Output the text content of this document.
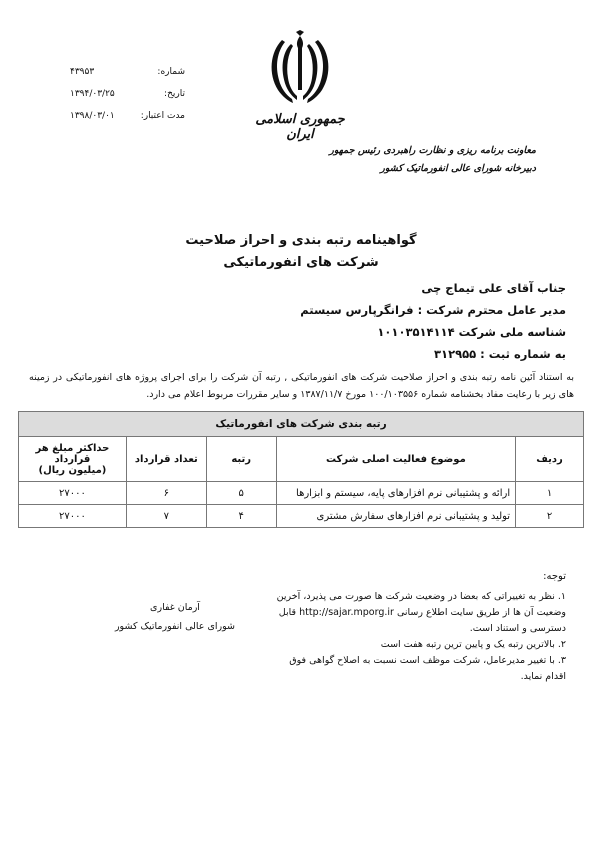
شماره:
۴۳۹۵۳
تاریخ:
۱۳۹۴/۰۳/۲۵
مدت اعتبار:
۱۳۹۸/۰۳/۰۱	جمهوری اسلامی ایران
معاونت برنامه ریزی و نظارت راهبردی رئیس جمهور
دبیرخانه شورای عالی انفورماتیک کشور
گواهینامه رتبه بندی و احراز صلاحیت
شرکت های انفورماتیکی
جناب آقای علی تیماج چی
مدیر عامل محترم شرکت : فرانگرپارس سیستم
شناسه ملی شرکت ۱۰۱۰۳۵۱۴۱۱۴
به شماره ثبت : ۳۱۲۹۵۵
به استناد آئین نامه رتبه بندی و احراز صلاحیت شرکت های انفورماتیکی , رتبه آن شرکت را برای اجرای پروژه های انفورماتیکی در زمینه های زیر با رعایت مفاد بخشنامه شماره ۱۰۰/۱۰۳۵۵۶ مورخ ۱۳۸۷/۱۱/۷ و سایر مقررات مربوط اعلام می دارد.
رتبه بندی شرکت های انفورماتیک				
ردیف	موضوع فعالیت اصلی شرکت	رتبه	تعداد قرارداد	حداکثر مبلغ هر قرارداد
(میلیون ریال)

۱	ارائه و پشتیبانی نرم افزارهای پایه، سیستم و ابزارها	۵	۶	۲۷۰۰۰
۲	تولید و پشتیبانی نرم افزارهای سفارش مشتری	۴	۷	۲۷۰۰۰
توجه:
۱. نظر به تغییراتی که بعضا در وضعیت شرکت ها صورت می پذیرد، آخرین وضعیت آن ها از طریق سایت اطلاع رسانی http://sajar.mporg.ir قابل دسترسی و استناد است.
۲. بالاترین رتبه یک و پایین ترین رتبه هفت است
۳. با تغییر مدیرعامل، شرکت موظف است نسبت به اصلاح گواهی فوق اقدام نماید.
آرمان غفاری
شورای عالی انفورماتیک کشور
